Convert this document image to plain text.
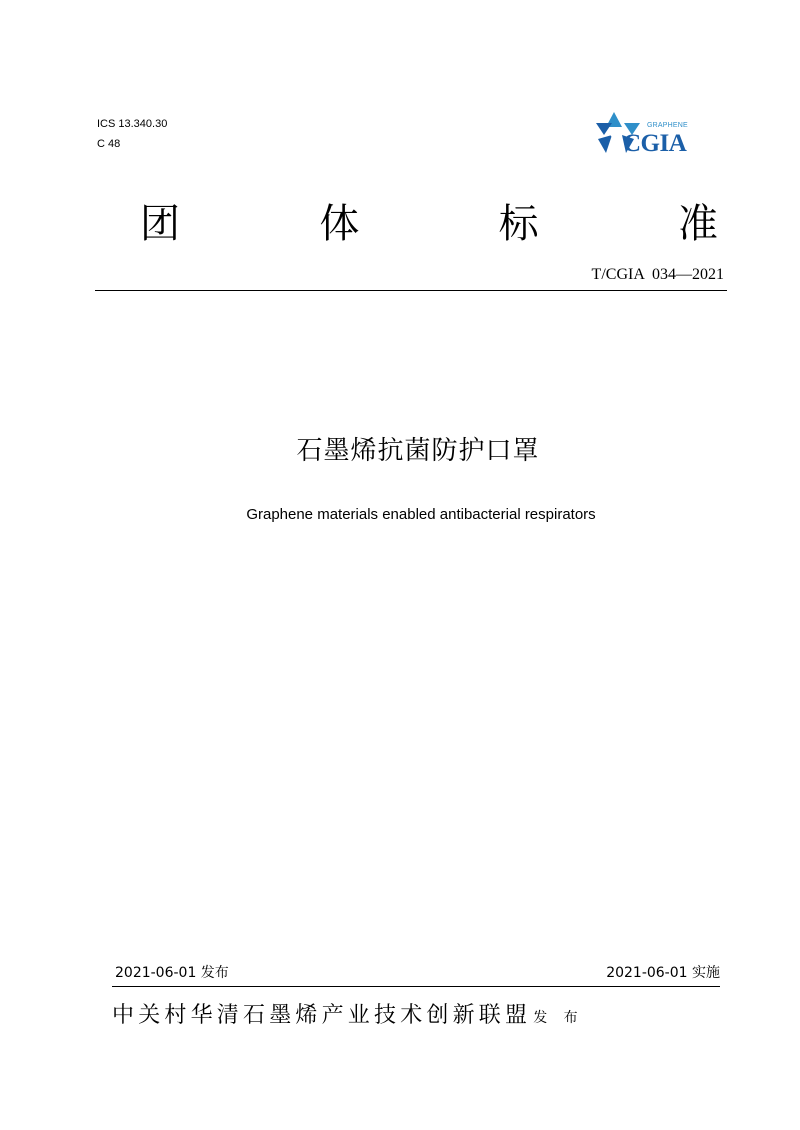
ICS 13.340.30
C 48
GRAPHENE
CGIA
团	体	标	准
T/CGIA  034—2021
石墨烯抗菌防护口罩
Graphene materials enabled antibacterial respirators
2021-06-01 发布	2021-06-01 实施
中关村华清石墨烯产业技术创新联盟 发 布
